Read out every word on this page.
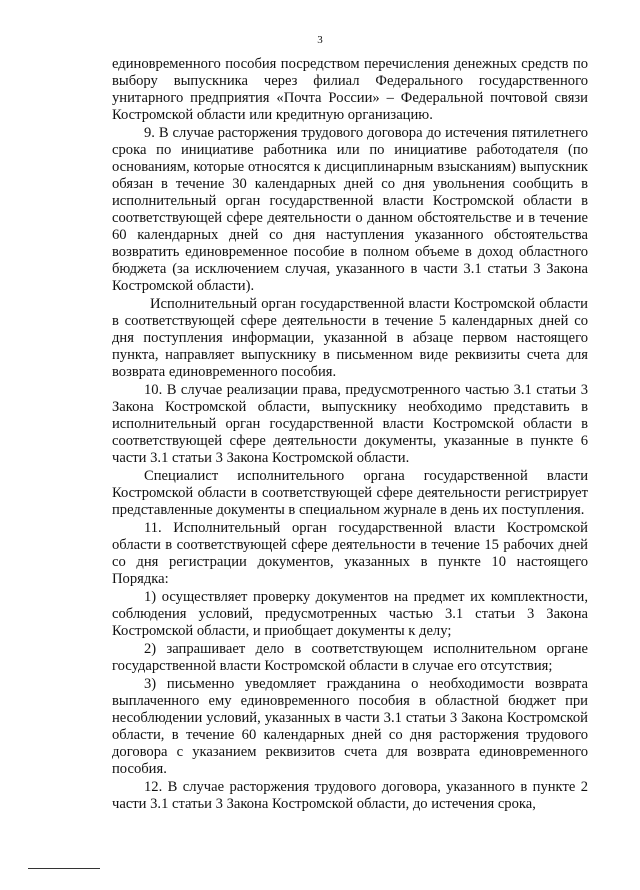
3

единовременного пособия посредством перечисления денежных средств по выбору выпускника через филиал Федерального государственного унитарного предприятия «Почта России» – Федеральной почтовой связи Костромской области или кредитную организацию.

9. В случае расторжения трудового договора до истечения пятилетнего срока по инициативе работника или по инициативе работодателя (по основаниям, которые относятся к дисциплинарным взысканиям) выпускник обязан в течение 30 календарных дней со дня увольнения сообщить в исполнительный орган государственной власти Костромской области в соответствующей сфере деятельности о данном обстоятельстве и в течение 60 календарных дней со дня наступления указанного обстоятельства возвратить единовременное пособие в полном объеме в доход областного бюджета (за исключением случая, указанного в части 3.1 статьи 3 Закона Костромской области).

Исполнительный орган государственной власти Костромской области в соответствующей сфере деятельности в течение 5 календарных дней со дня поступления информации, указанной в абзаце первом настоящего пункта, направляет выпускнику в письменном виде реквизиты счета для возврата единовременного пособия.

10. В случае реализации права, предусмотренного частью 3.1 статьи 3 Закона Костромской области, выпускнику необходимо представить в исполнительный орган государственной власти Костромской области в соответствующей сфере деятельности документы, указанные в пункте 6 части 3.1 статьи 3 Закона Костромской области.

Специалист исполнительного органа государственной власти Костромской области в соответствующей сфере деятельности регистрирует представленные документы в специальном журнале в день их поступления.

11. Исполнительный орган государственной власти Костромской области в соответствующей сфере деятельности в течение 15 рабочих дней со дня регистрации документов, указанных в пункте 10 настоящего Порядка:

1) осуществляет проверку документов на предмет их комплектности, соблюдения условий, предусмотренных частью 3.1 статьи 3 Закона Костромской области, и приобщает документы к делу;

2) запрашивает дело в соответствующем исполнительном органе государственной власти Костромской области в случае его отсутствия;

3) письменно уведомляет гражданина о необходимости возврата выплаченного ему единовременного пособия в областной бюджет при несоблюдении условий, указанных в части 3.1 статьи 3 Закона Костромской области, в течение 60 календарных дней со дня расторжения трудового договора с указанием реквизитов счета для возврата единовременного пособия.

12. В случае расторжения трудового договора, указанного в пункте 2 части 3.1 статьи 3 Закона Костромской области, до истечения срока,
